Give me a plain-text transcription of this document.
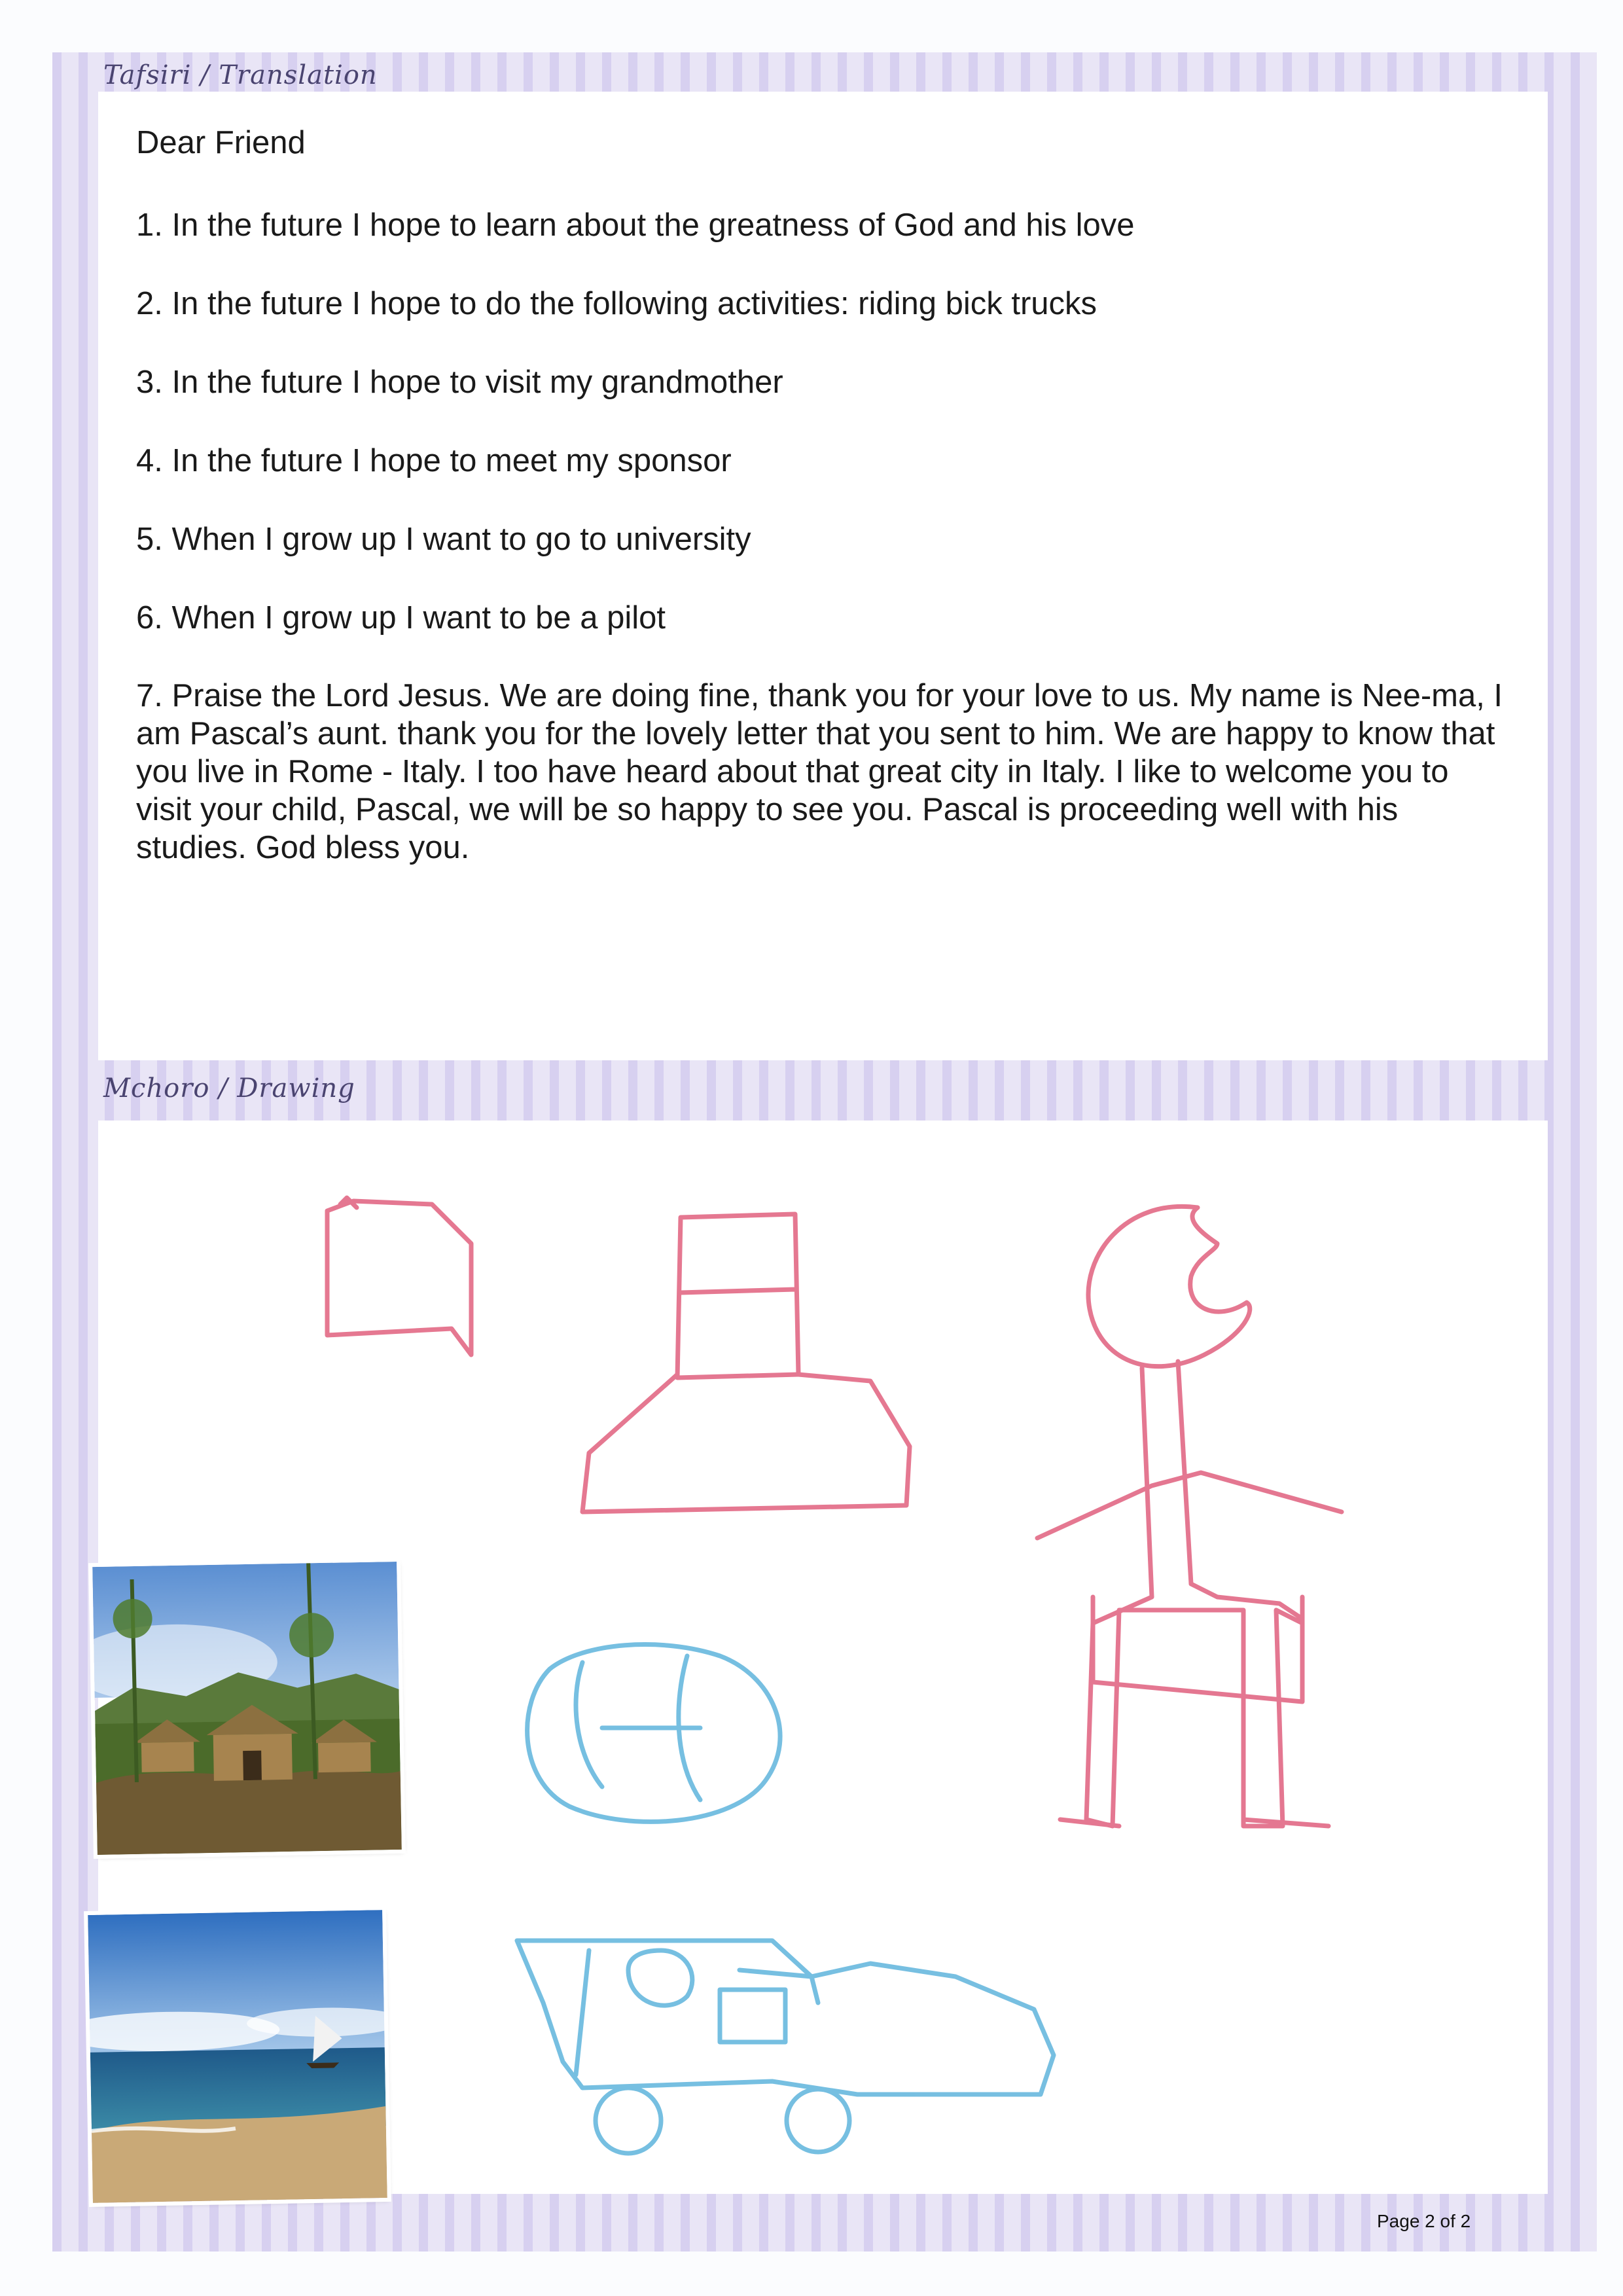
Tafsiri / Translation

Dear Friend

1. In the future I hope to learn about the greatness of God and his love

2. In the future I hope to do the following activities: riding bick trucks

3. In the future I hope to visit my grandmother

4. In the future I hope to meet my sponsor

5. When I grow up I want to go to university

6. When I grow up I want to be a pilot

7. Praise the Lord Jesus. We are doing fine, thank you for your love to us. My name is Nee-ma, I am Pascal’s aunt. thank you for the lovely letter that you sent to him. We are happy to know that you live in Rome - Italy. I too have heard about that great city in Italy. I like to welcome you to visit your child, Pascal, we will be so happy to see you. Pascal is proceeding well with his studies. God bless you.

Mchoro / Drawing
Page 2 of 2
